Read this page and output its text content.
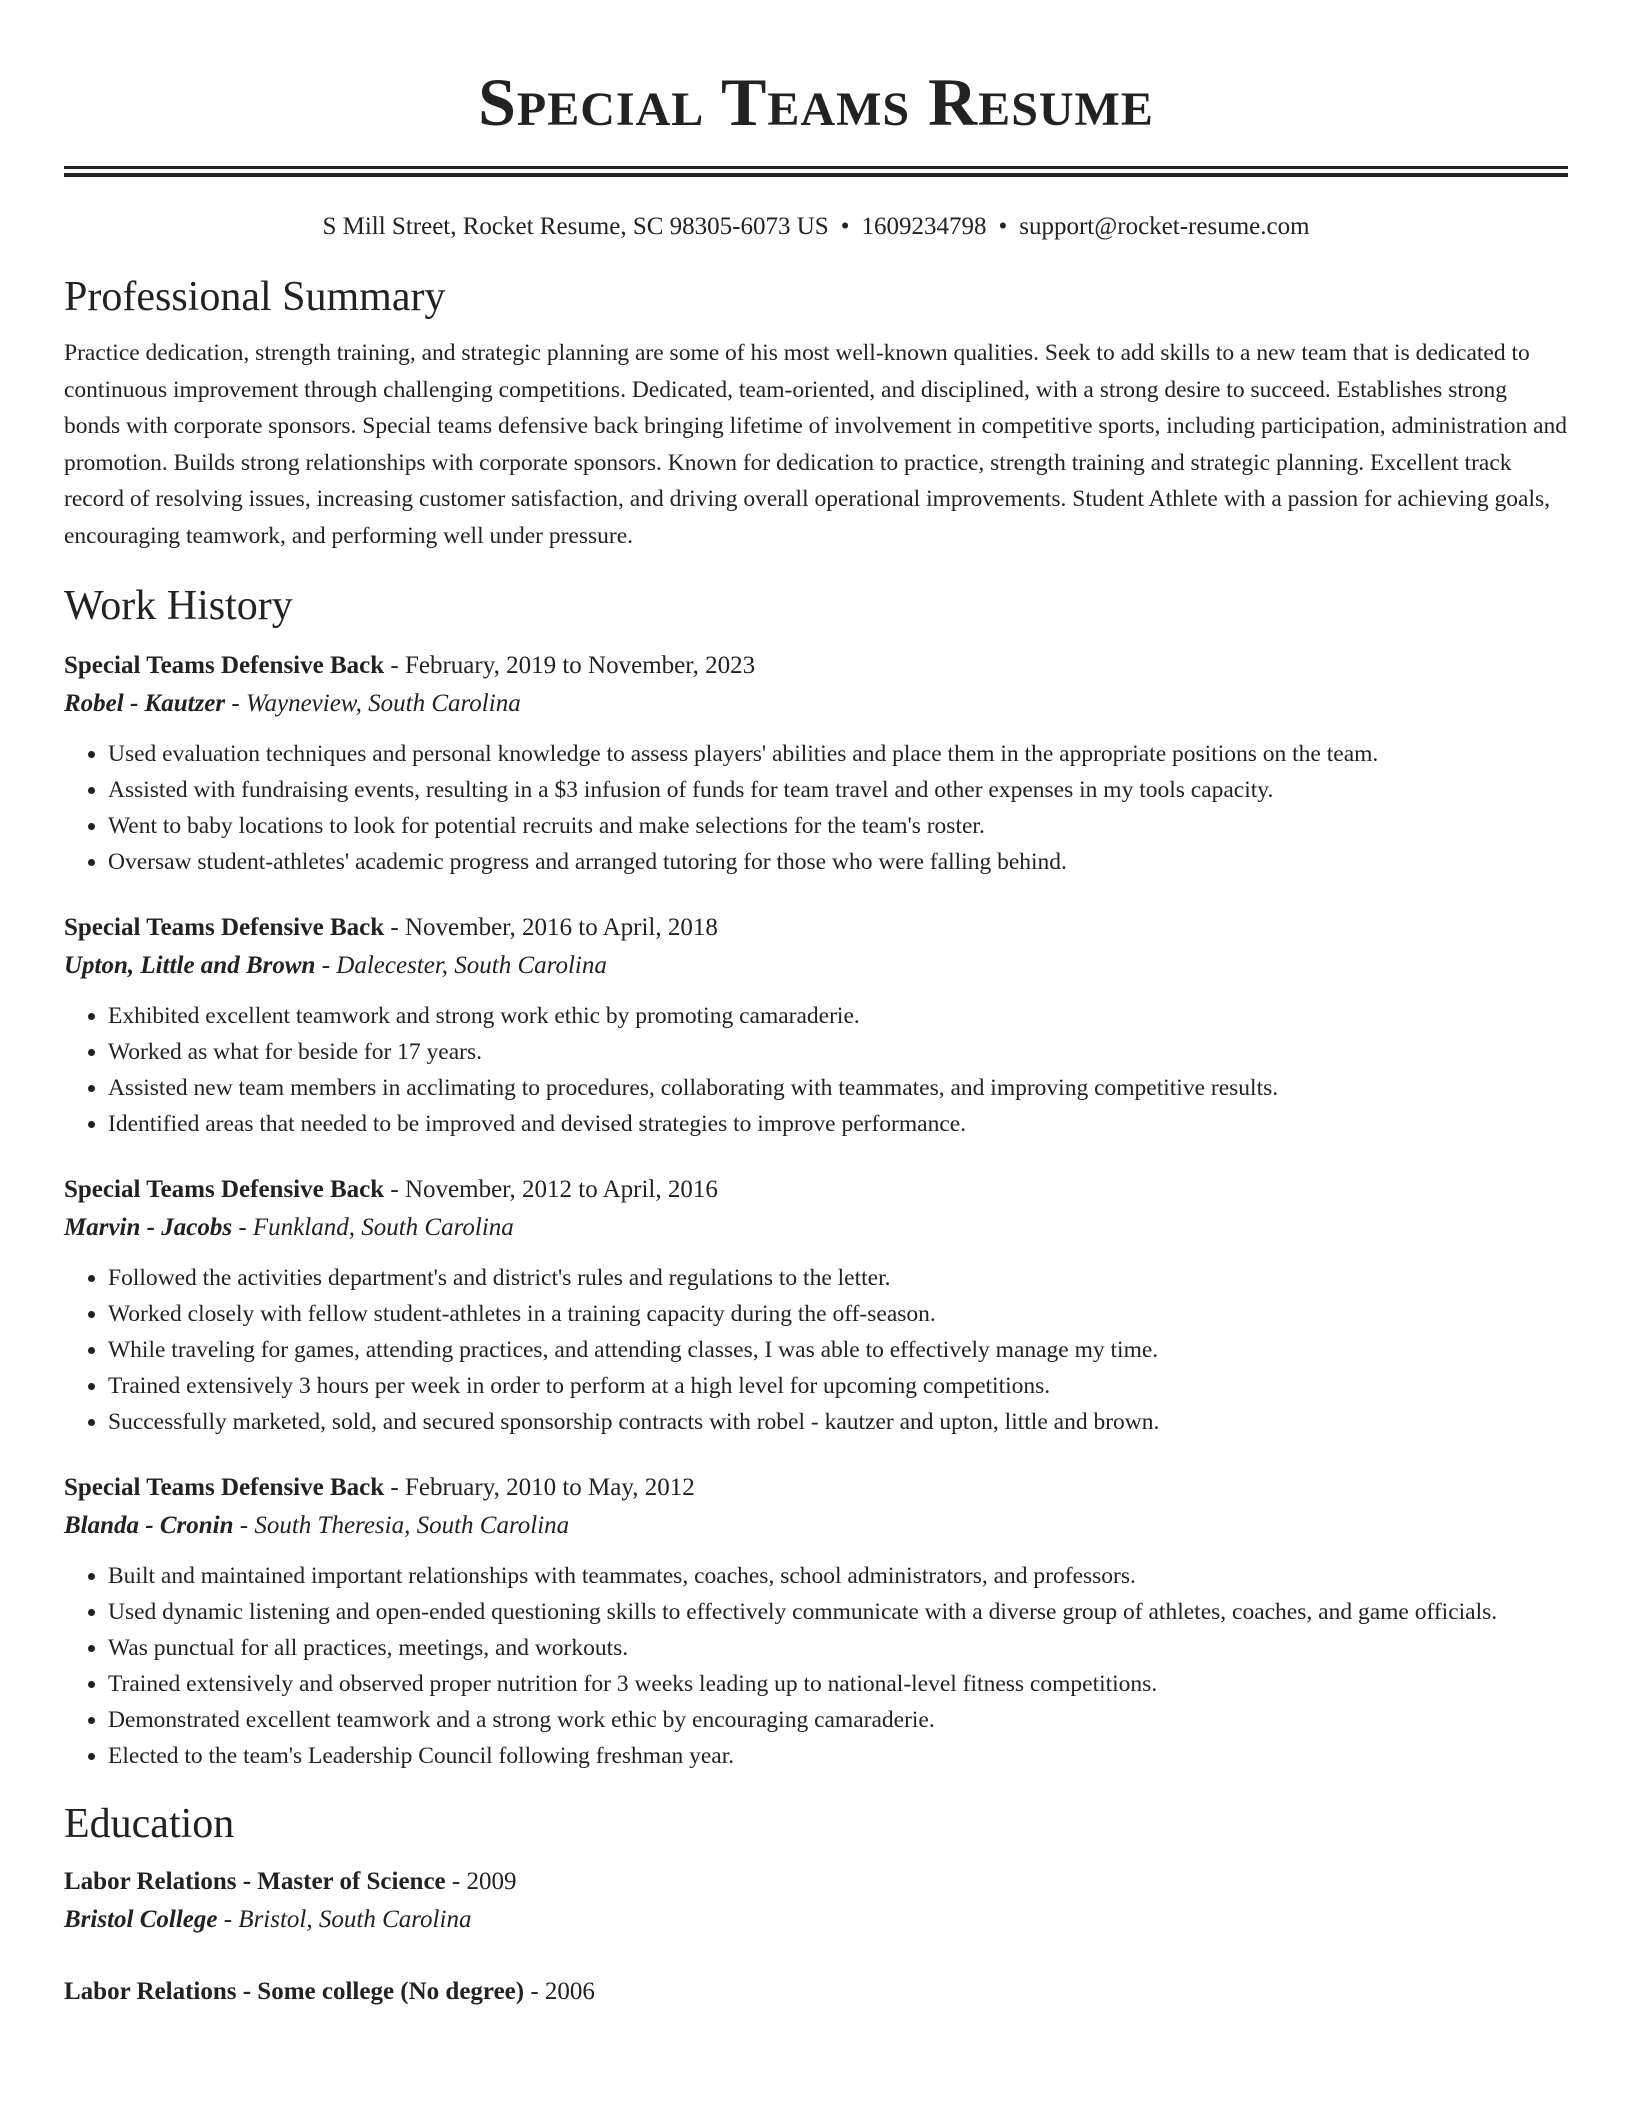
Special Teams Resume
S Mill Street, Rocket Resume, SC 98305-6073 US • 1609234798 • support@rocket-resume.com
Professional Summary
Practice dedication, strength training, and strategic planning are some of his most well-known qualities. Seek to add skills to a new team that is dedicated to continuous improvement through challenging competitions. Dedicated, team-oriented, and disciplined, with a strong desire to succeed. Establishes strong bonds with corporate sponsors. Special teams defensive back bringing lifetime of involvement in competitive sports, including participation, administration and promotion. Builds strong relationships with corporate sponsors. Known for dedication to practice, strength training and strategic planning. Excellent track record of resolving issues, increasing customer satisfaction, and driving overall operational improvements. Student Athlete with a passion for achieving goals, encouraging teamwork, and performing well under pressure.
Work History
Special Teams Defensive Back - February, 2019 to November, 2023
Robel - Kautzer - Wayneview, South Carolina
• Used evaluation techniques and personal knowledge to assess players' abilities and place them in the appropriate positions on the team.
• Assisted with fundraising events, resulting in a $3 infusion of funds for team travel and other expenses in my tools capacity.
• Went to baby locations to look for potential recruits and make selections for the team's roster.
• Oversaw student-athletes' academic progress and arranged tutoring for those who were falling behind.
Special Teams Defensive Back - November, 2016 to April, 2018
Upton, Little and Brown - Dalecester, South Carolina
• Exhibited excellent teamwork and strong work ethic by promoting camaraderie.
• Worked as what for beside for 17 years.
• Assisted new team members in acclimating to procedures, collaborating with teammates, and improving competitive results.
• Identified areas that needed to be improved and devised strategies to improve performance.
Special Teams Defensive Back - November, 2012 to April, 2016
Marvin - Jacobs - Funkland, South Carolina
• Followed the activities department's and district's rules and regulations to the letter.
• Worked closely with fellow student-athletes in a training capacity during the off-season.
• While traveling for games, attending practices, and attending classes, I was able to effectively manage my time.
• Trained extensively 3 hours per week in order to perform at a high level for upcoming competitions.
• Successfully marketed, sold, and secured sponsorship contracts with robel - kautzer and upton, little and brown.
Special Teams Defensive Back - February, 2010 to May, 2012
Blanda - Cronin - South Theresia, South Carolina
• Built and maintained important relationships with teammates, coaches, school administrators, and professors.
• Used dynamic listening and open-ended questioning skills to effectively communicate with a diverse group of athletes, coaches, and game officials.
• Was punctual for all practices, meetings, and workouts.
• Trained extensively and observed proper nutrition for 3 weeks leading up to national-level fitness competitions.
• Demonstrated excellent teamwork and a strong work ethic by encouraging camaraderie.
• Elected to the team's Leadership Council following freshman year.
Education
Labor Relations - Master of Science - 2009
Bristol College - Bristol, South Carolina
Labor Relations - Some college (No degree) - 2006
